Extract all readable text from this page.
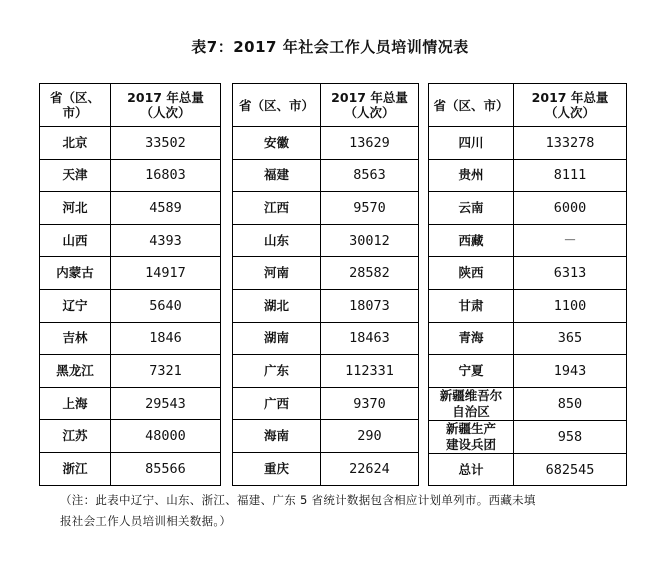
表7：2017 年社会工作人员培训情况表
省（区、
市）	2017 年总量
（人次）

北京	33502
天津	16803
河北	4589
山西	4393
内蒙古	14917
辽宁	5640
吉林	1846
黑龙江	7321
上海	29543
江苏	48000
浙江	85566
省（区、市）	2017 年总量
（人次）

安徽	13629
福建	8563
江西	9570
山东	30012
河南	28582
湖北	18073
湖南	18463
广东	112331
广西	9370
海南	290
重庆	22624
省（区、市）	2017 年总量
（人次）

四川	133278
贵州	8111
云南	6000
西藏	－
陕西	6313
甘肃	1100
青海	365
宁夏	1943

新疆维吾尔
自治区	850

新疆生产
建设兵团	958
总计	682545
（注：此表中辽宁、山东、浙江、福建、广东 5 省统计数据包含相应计划单列市。西藏未填
报社会工作人员培训相关数据。）
